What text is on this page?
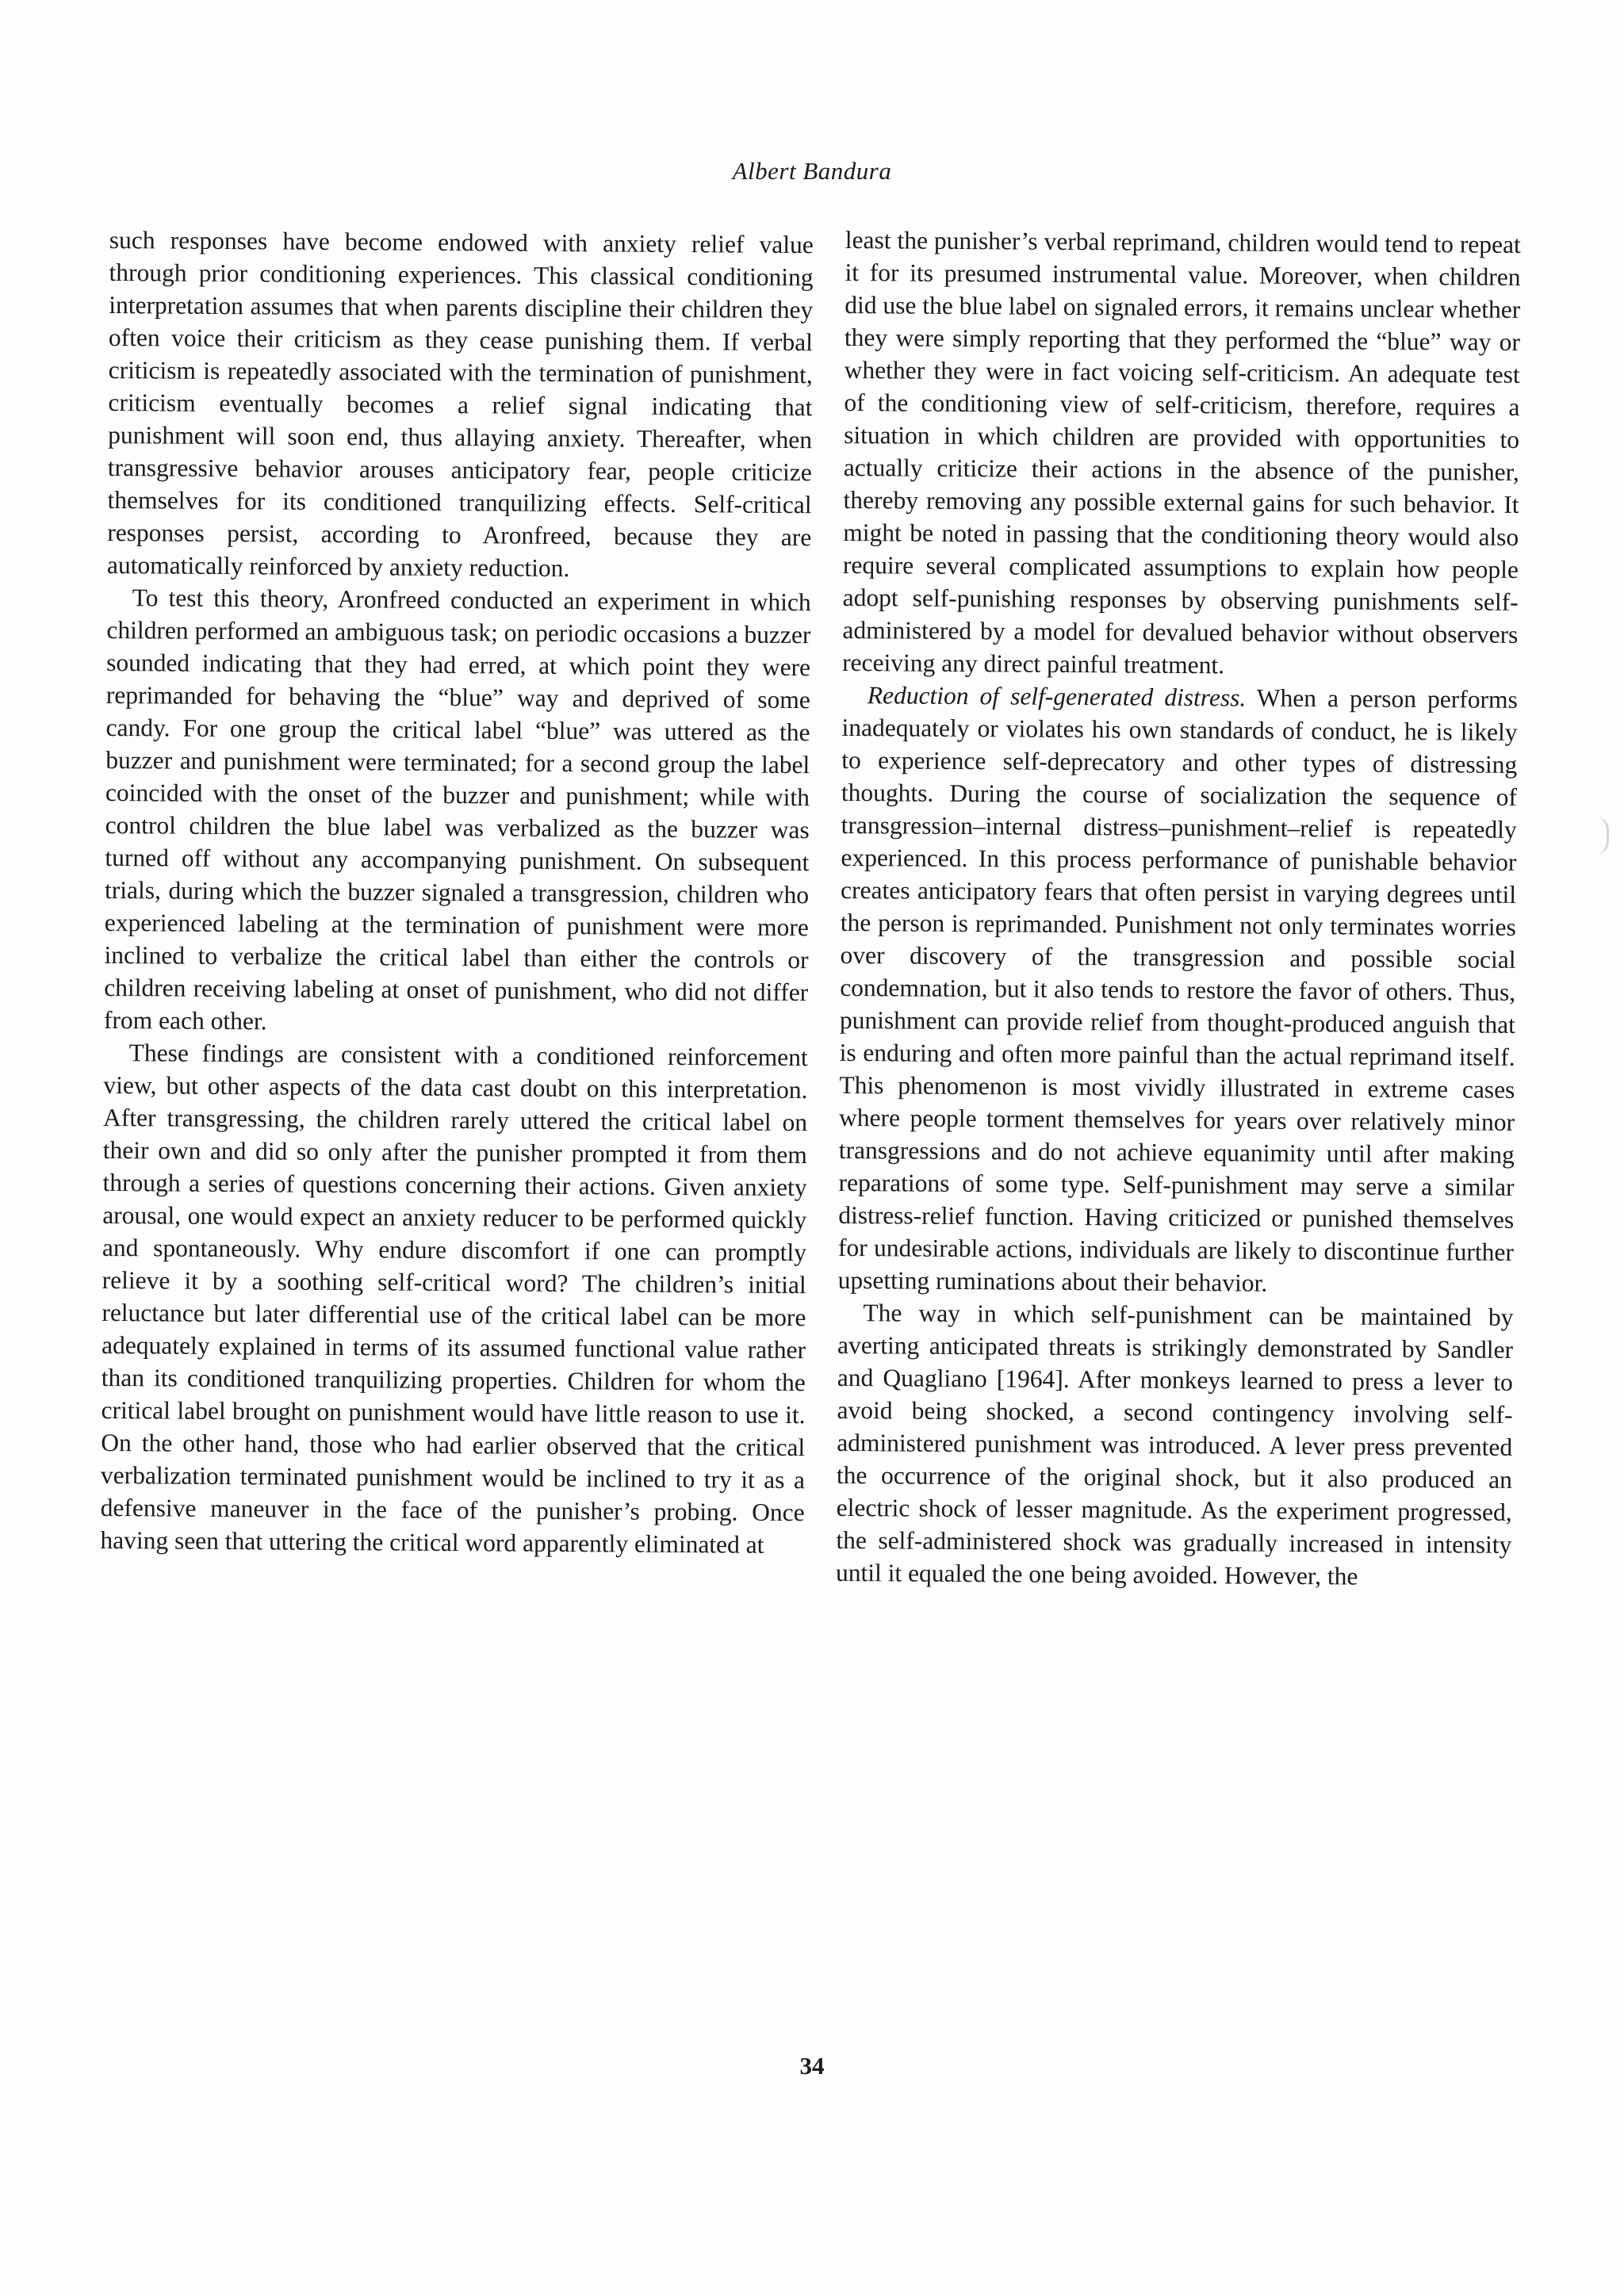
Albert Bandura

such responses have become endowed with anxiety relief value through prior conditioning experiences. This classical conditioning interpretation assumes that when parents discipline their children they often voice their criticism as they cease punishing them. If verbal criticism is repeatedly associated with the termination of punishment, criticism eventually becomes a relief signal indicating that punishment will soon end, thus allaying anxiety. Thereafter, when transgressive behavior arouses anticipatory fear, people criticize themselves for its conditioned tranquilizing effects. Self-critical responses persist, according to Aronfreed, because they are automatically reinforced by anxiety reduction.

To test this theory, Aronfreed conducted an experiment in which children performed an ambiguous task; on periodic occasions a buzzer sounded indicating that they had erred, at which point they were reprimanded for behaving the “blue” way and deprived of some candy. For one group the critical label “blue” was uttered as the buzzer and punishment were terminated; for a second group the label coincided with the onset of the buzzer and punishment; while with control children the blue label was verbalized as the buzzer was turned off without any accompanying punishment. On subsequent trials, during which the buzzer signaled a transgression, children who experienced labeling at the termination of punishment were more inclined to verbalize the critical label than either the controls or children receiving labeling at onset of punishment, who did not differ from each other.

These findings are consistent with a conditioned reinforcement view, but other aspects of the data cast doubt on this interpretation. After transgressing, the children rarely uttered the critical label on their own and did so only after the punisher prompted it from them through a series of questions concerning their actions. Given anxiety arousal, one would expect an anxiety reducer to be performed quickly and spontaneously. Why endure discomfort if one can promptly relieve it by a soothing self-critical word? The children’s initial reluctance but later differential use of the critical label can be more adequately explained in terms of its assumed functional value rather than its conditioned tranquilizing properties. Children for whom the critical label brought on punishment would have little reason to use it. On the other hand, those who had earlier observed that the critical verbalization terminated punishment would be inclined to try it as a defensive maneuver in the face of the punisher’s probing. Once having seen that uttering the critical word apparently eliminated at

least the punisher’s verbal reprimand, children would tend to repeat it for its presumed instrumental value. Moreover, when children did use the blue label on signaled errors, it remains unclear whether they were simply reporting that they performed the “blue” way or whether they were in fact voicing self-criticism. An adequate test of the conditioning view of self-criticism, therefore, requires a situation in which children are provided with opportunities to actually criticize their actions in the absence of the punisher, thereby removing any possible external gains for such behavior. It might be noted in passing that the conditioning theory would also require several complicated assumptions to explain how people adopt self-punishing responses by observing punishments self-administered by a model for devalued behavior without observers receiving any direct painful treatment.

Reduction of self-generated distress. When a person performs inadequately or violates his own standards of conduct, he is likely to experience self-deprecatory and other types of distressing thoughts. During the course of socialization the sequence of transgression–internal distress–punishment–relief is repeatedly experienced. In this process performance of punishable behavior creates anticipatory fears that often persist in varying degrees until the person is reprimanded. Punishment not only terminates worries over discovery of the transgression and possible social condemnation, but it also tends to restore the favor of others. Thus, punishment can provide relief from thought-produced anguish that is enduring and often more painful than the actual reprimand itself. This phenomenon is most vividly illustrated in extreme cases where people torment themselves for years over relatively minor transgressions and do not achieve equanimity until after making reparations of some type. Self-punishment may serve a similar distress-relief function. Having criticized or punished themselves for undesirable actions, individuals are likely to discontinue further upsetting ruminations about their behavior.

The way in which self-punishment can be maintained by averting anticipated threats is strikingly demonstrated by Sandler and Quagliano [1964]. After monkeys learned to press a lever to avoid being shocked, a second contingency involving self-administered punishment was introduced. A lever press prevented the occurrence of the original shock, but it also produced an electric shock of lesser magnitude. As the experiment progressed, the self-administered shock was gradually increased in intensity until it equaled the one being avoided. However, the

34
